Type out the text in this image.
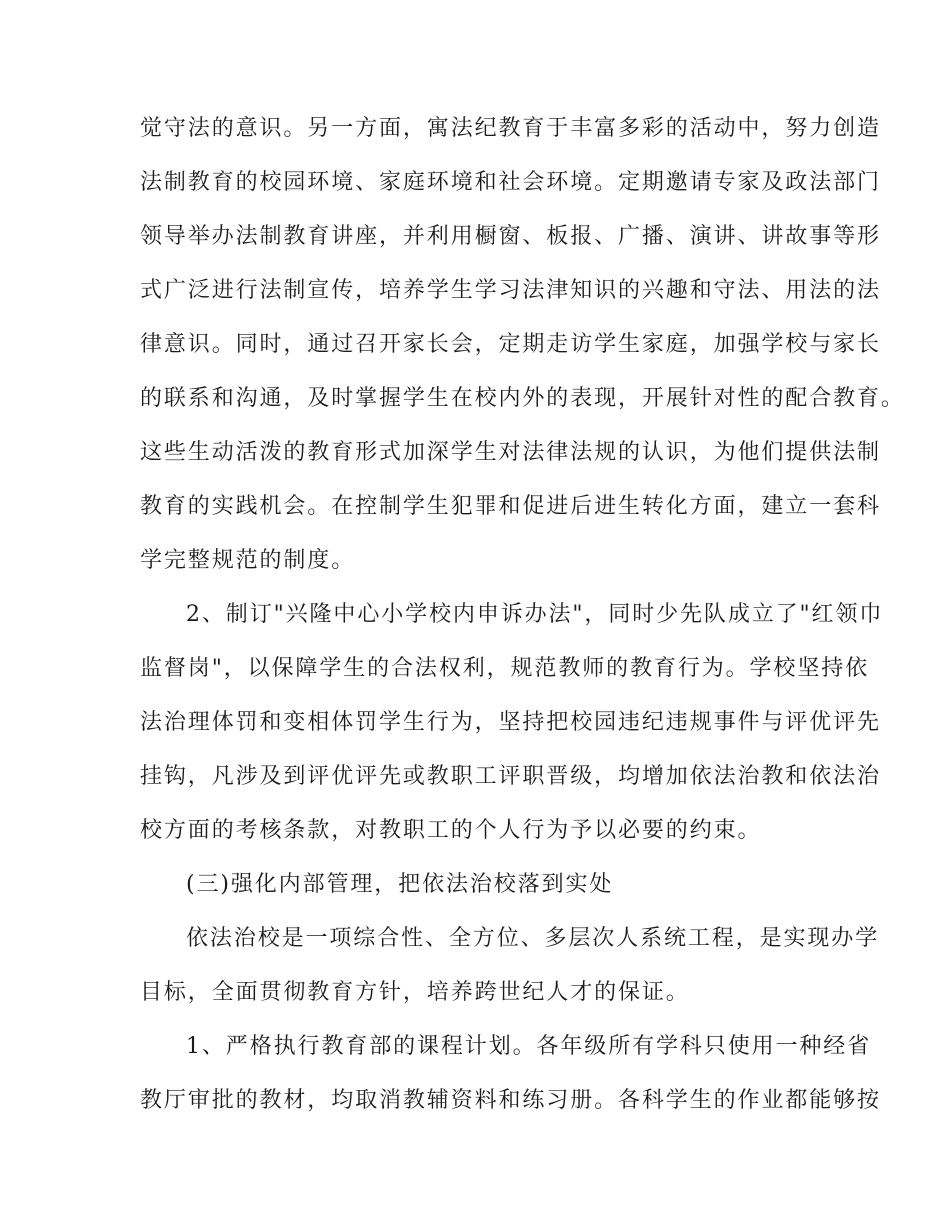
觉守法的意识。另一方面，寓法纪教育于丰富多彩的活动中，努力创造
法制教育的校园环境、家庭环境和社会环境。定期邀请专家及政法部门
领导举办法制教育讲座，并利用橱窗、板报、广播、演讲、讲故事等形
式广泛进行法制宣传，培养学生学习法津知识的兴趣和守法、用法的法
律意识。同时，通过召开家长会，定期走访学生家庭，加强学校与家长
的联系和沟通，及时掌握学生在校内外的表现，开展针对性的配合教育。
这些生动活泼的教育形式加深学生对法律法规的认识，为他们提供法制
教育的实践机会。在控制学生犯罪和促进后进生转化方面，建立一套科
学完整规范的制度。
2、制订"兴隆中心小学校内申诉办法"，同时少先队成立了"红领巾
监督岗"，以保障学生的合法权利，规范教师的教育行为。学校坚持依
法治理体罚和变相体罚学生行为，坚持把校园违纪违规事件与评优评先
挂钩，凡涉及到评优评先或教职工评职晋级，均增加依法治教和依法治
校方面的考核条款，对教职工的个人行为予以必要的约束。
(三)强化内部管理，把依法治校落到实处
依法治校是一项综合性、全方位、多层次人系统工程，是实现办学
目标，全面贯彻教育方针，培养跨世纪人才的保证。
1、严格执行教育部的课程计划。各年级所有学科只使用一种经省
教厅审批的教材，均取消教辅资料和练习册。各科学生的作业都能够按
